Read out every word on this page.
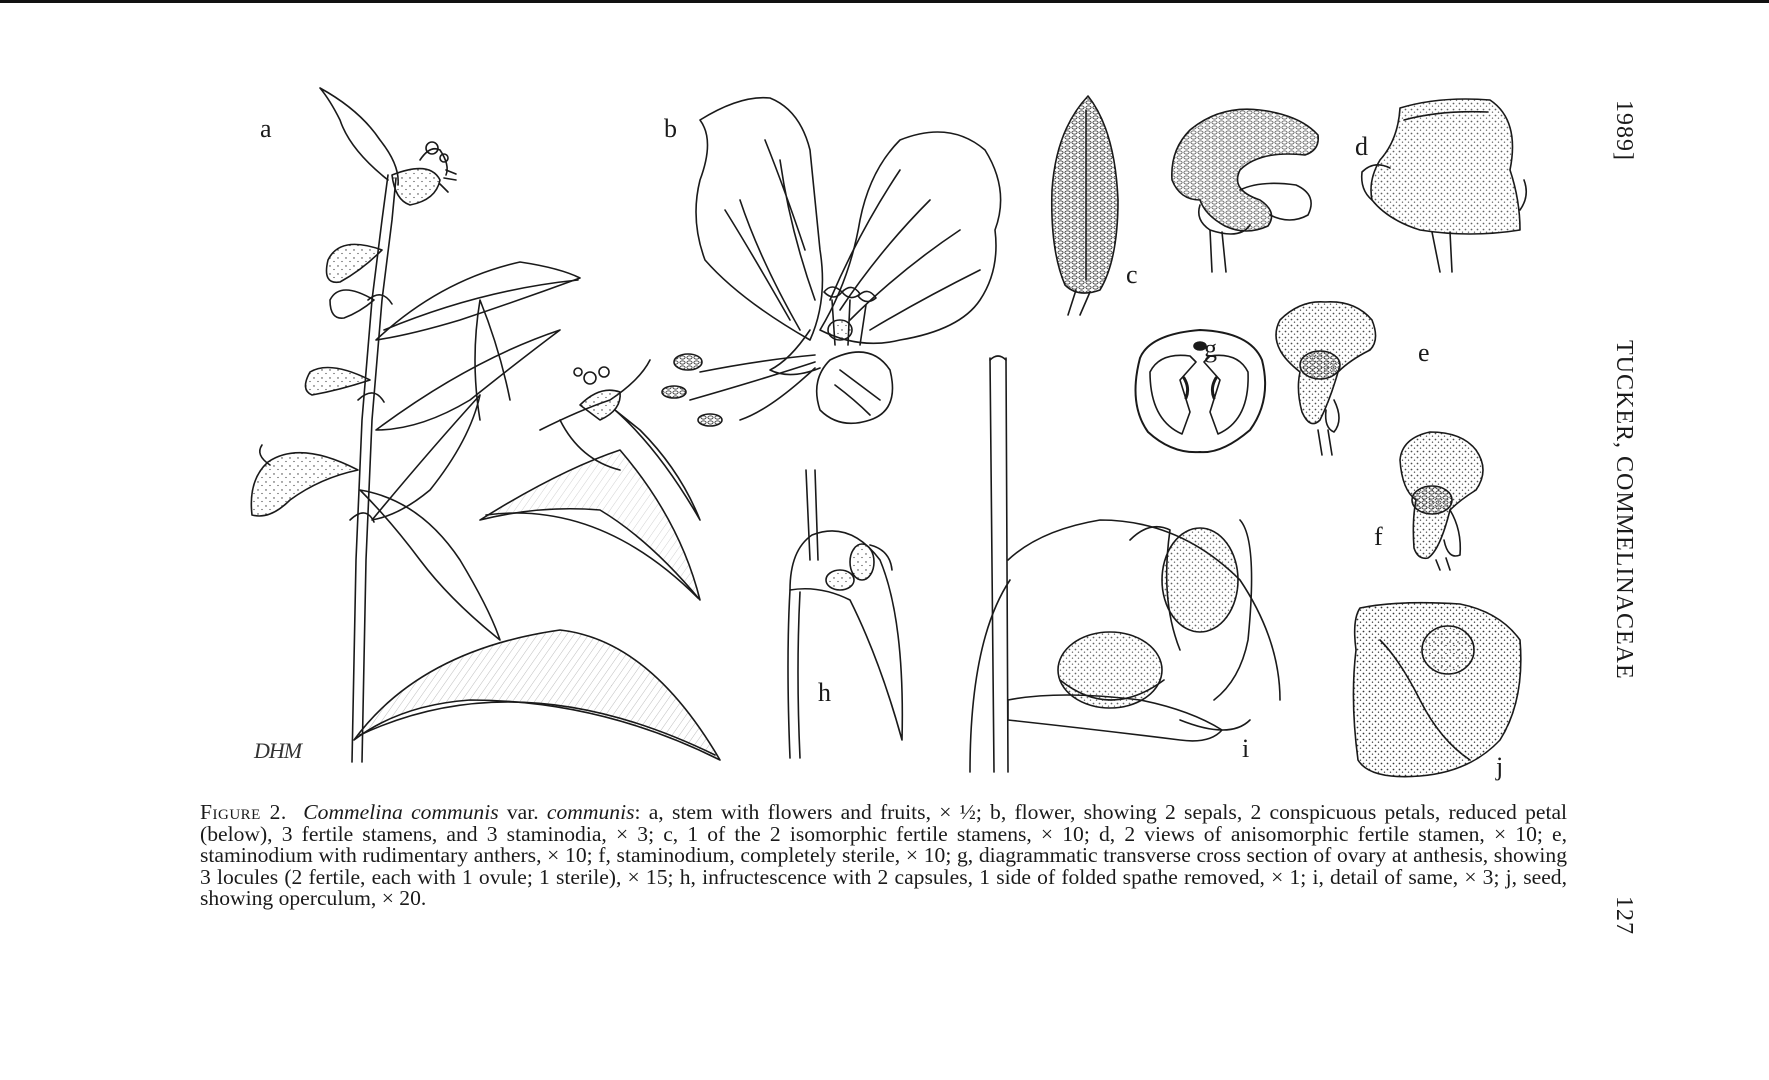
a	b
c
d
e
f
g
h
i
j
DHM
1989]
TUCKER, COMMELINACEAE
127
Figure 2. Commelina communis var. communis: a, stem with flowers and fruits, × ½; b, flower, showing 2 sepals, 2 conspicuous petals, reduced petal (below), 3 fertile stamens, and 3 staminodia, × 3; c, 1 of the 2 isomorphic fertile stamens, × 10; d, 2 views of anisomorphic fertile stamen, × 10; e, staminodium with rudimentary anthers, × 10; f, staminodium, completely sterile, × 10; g, diagrammatic transverse cross section of ovary at anthesis, showing 3 locules (2 fertile, each with 1 ovule; 1 sterile), × 15; h, infructescence with 2 capsules, 1 side of folded spathe removed, × 1; i, detail of same, × 3; j, seed, showing operculum, × 20.
